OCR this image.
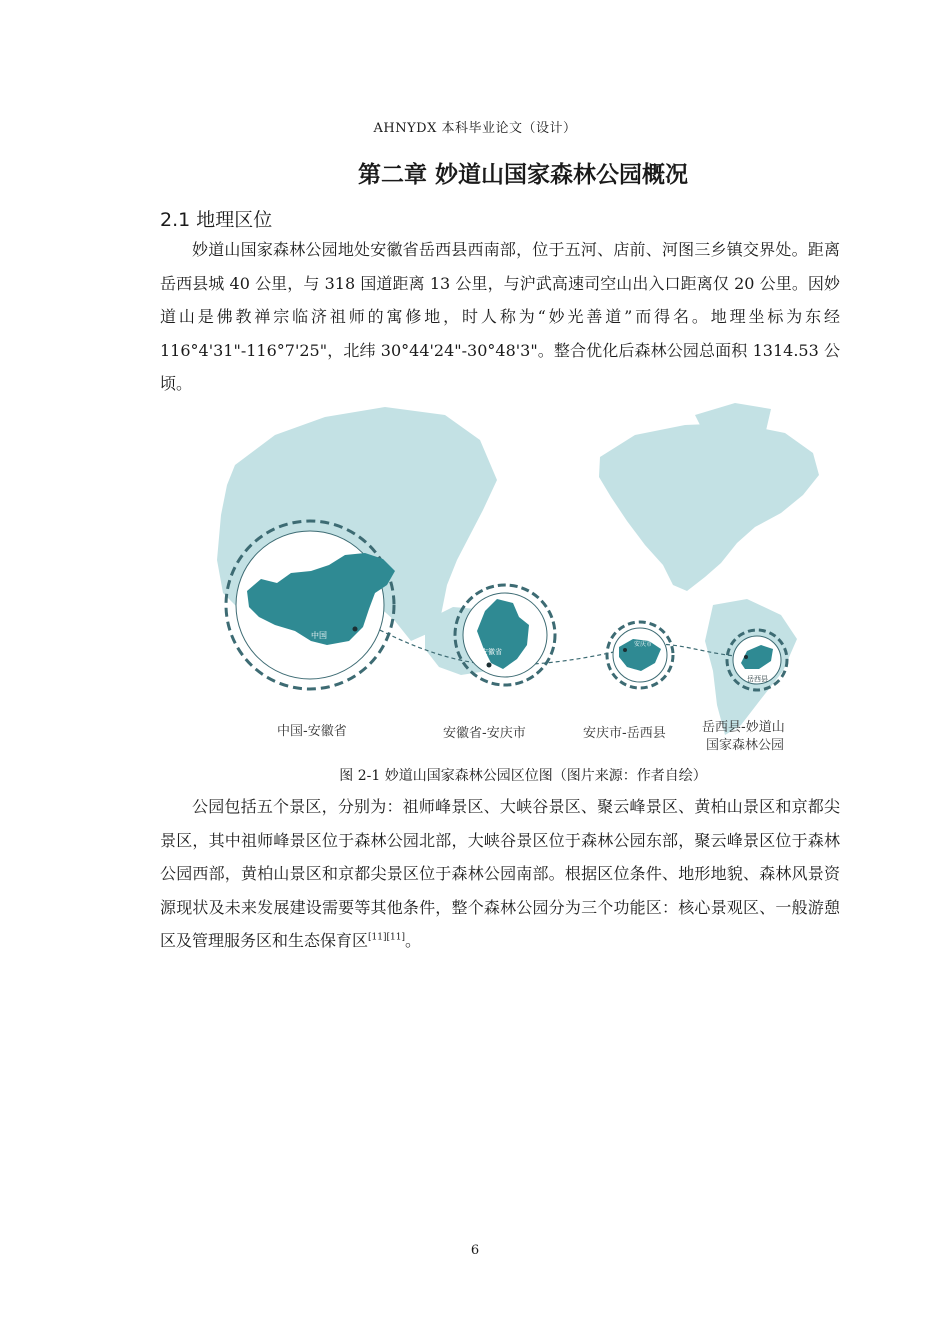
AHNYDX 本科毕业论文（设计）
第二章 妙道山国家森林公园概况
2.1 地理区位
妙道山国家森林公园地处安徽省岳西县西南部，位于五河、店前、河图三乡镇交界处。距离岳西县城 40 公里，与 318 国道距离 13 公里，与沪武高速司空山出入口距离仅 20 公里。因妙道山是佛教禅宗临济祖师的寓修地，时人称为“妙光善道”而得名。地理坐标为东经 116°4'31"-116°7'25"，北纬 30°44'24"-30°48'3"。整合优化后森林公园总面积 1314.53 公顷。
中国
安徽省
安庆市
岳西县
中国-安徽省	安徽省-安庆市	安庆市-岳西县	岳西县-妙道山
国家森林公园
图 2-1 妙道山国家森林公园区位图（图片来源：作者自绘）
公园包括五个景区，分别为：祖师峰景区、大峡谷景区、聚云峰景区、黄柏山景区和京都尖景区，其中祖师峰景区位于森林公园北部，大峡谷景区位于森林公园东部，聚云峰景区位于森林公园西部，黄柏山景区和京都尖景区位于森林公园南部。根据区位条件、地形地貌、森林风景资源现状及未来发展建设需要等其他条件，整个森林公园分为三个功能区：核心景观区、一般游憩区及管理服务区和生态保育区[11][11]。
6
